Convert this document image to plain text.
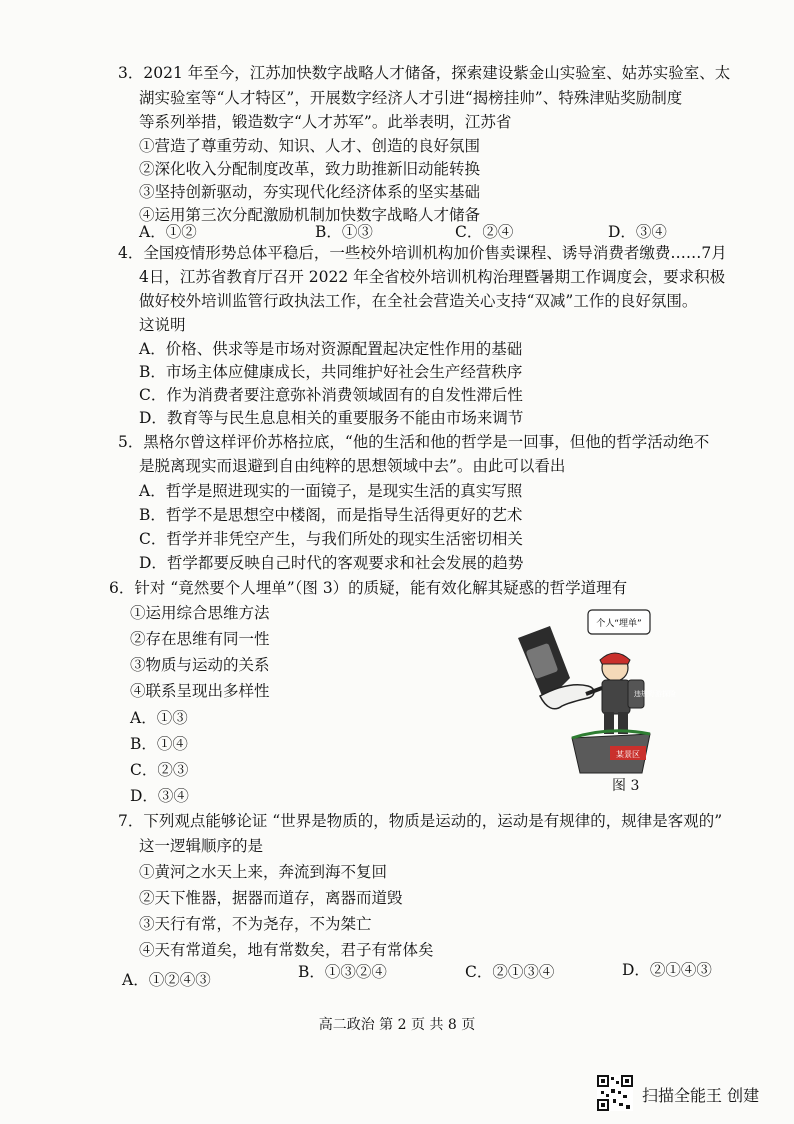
3．2021 年至今，江苏加快数字战略人才储备，探索建设紫金山实验室、姑苏实验室、太
湖实验室等“人才特区”，开展数字经济人才引进“揭榜挂帅”、特殊津贴奖励制度
等系列举措，锻造数字“人才苏军”。此举表明，江苏省
①营造了尊重劳动、知识、人才、创造的良好氛围
②深化收入分配制度改革，致力助推新旧动能转换
③坚持创新驱动，夯实现代化经济体系的坚实基础
④运用第三次分配激励机制加快数字战略人才储备
A．①②	B．①③	C．②④	D．③④
4．全国疫情形势总体平稳后，一些校外培训机构加价售卖课程、诱导消费者缴费……7月
4日，江苏省教育厅召开 2022 年全省校外培训机构治理暨暑期工作调度会，要求积极
做好校外培训监管行政执法工作，在全社会营造关心支持“双减”工作的良好氛围。
这说明
A．价格、供求等是市场对资源配置起决定性作用的基础
B．市场主体应健康成长，共同维护好社会生产经营秩序
C．作为消费者要注意弥补消费领域固有的自发性滞后性
D．教育等与民生息息相关的重要服务不能由市场来调节
5．黑格尔曾这样评价苏格拉底，“他的生活和他的哲学是一回事，但他的哲学活动绝不
是脱离现实而退避到自由纯粹的思想领域中去”。由此可以看出
A．哲学是照进现实的一面镜子，是现实生活的真实写照
B．哲学不是思想空中楼阁，而是指导生活得更好的艺术
C．哲学并非凭空产生，与我们所处的现实生活密切相关
D．哲学都要反映自己时代的客观要求和社会发展的趋势
6．针对 “竟然要个人埋单”（图 3）的质疑，能有效化解其疑惑的哲学道理有
①运用综合思维方法
②存在思维有同一性
③物质与运动的关系
④联系呈现出多样性
A．①③
B．①④
C．②③
D．③④
个人“埋单”
违规野游探险
某景区
图 3
7．下列观点能够论证 “世界是物质的，物质是运动的，运动是有规律的，规律是客观的”
这一逻辑顺序的是
①黄河之水天上来，奔流到海不复回
②天下惟器，据器而道存，离器而道毁
③天行有常，不为尧存，不为桀亡
④天有常道矣，地有常数矣，君子有常体矣
A．①②④③	B．①③②④	C．②①③④	D．②①④③
高二政治 第 2 页 共 8 页
扫描全能王 创建
